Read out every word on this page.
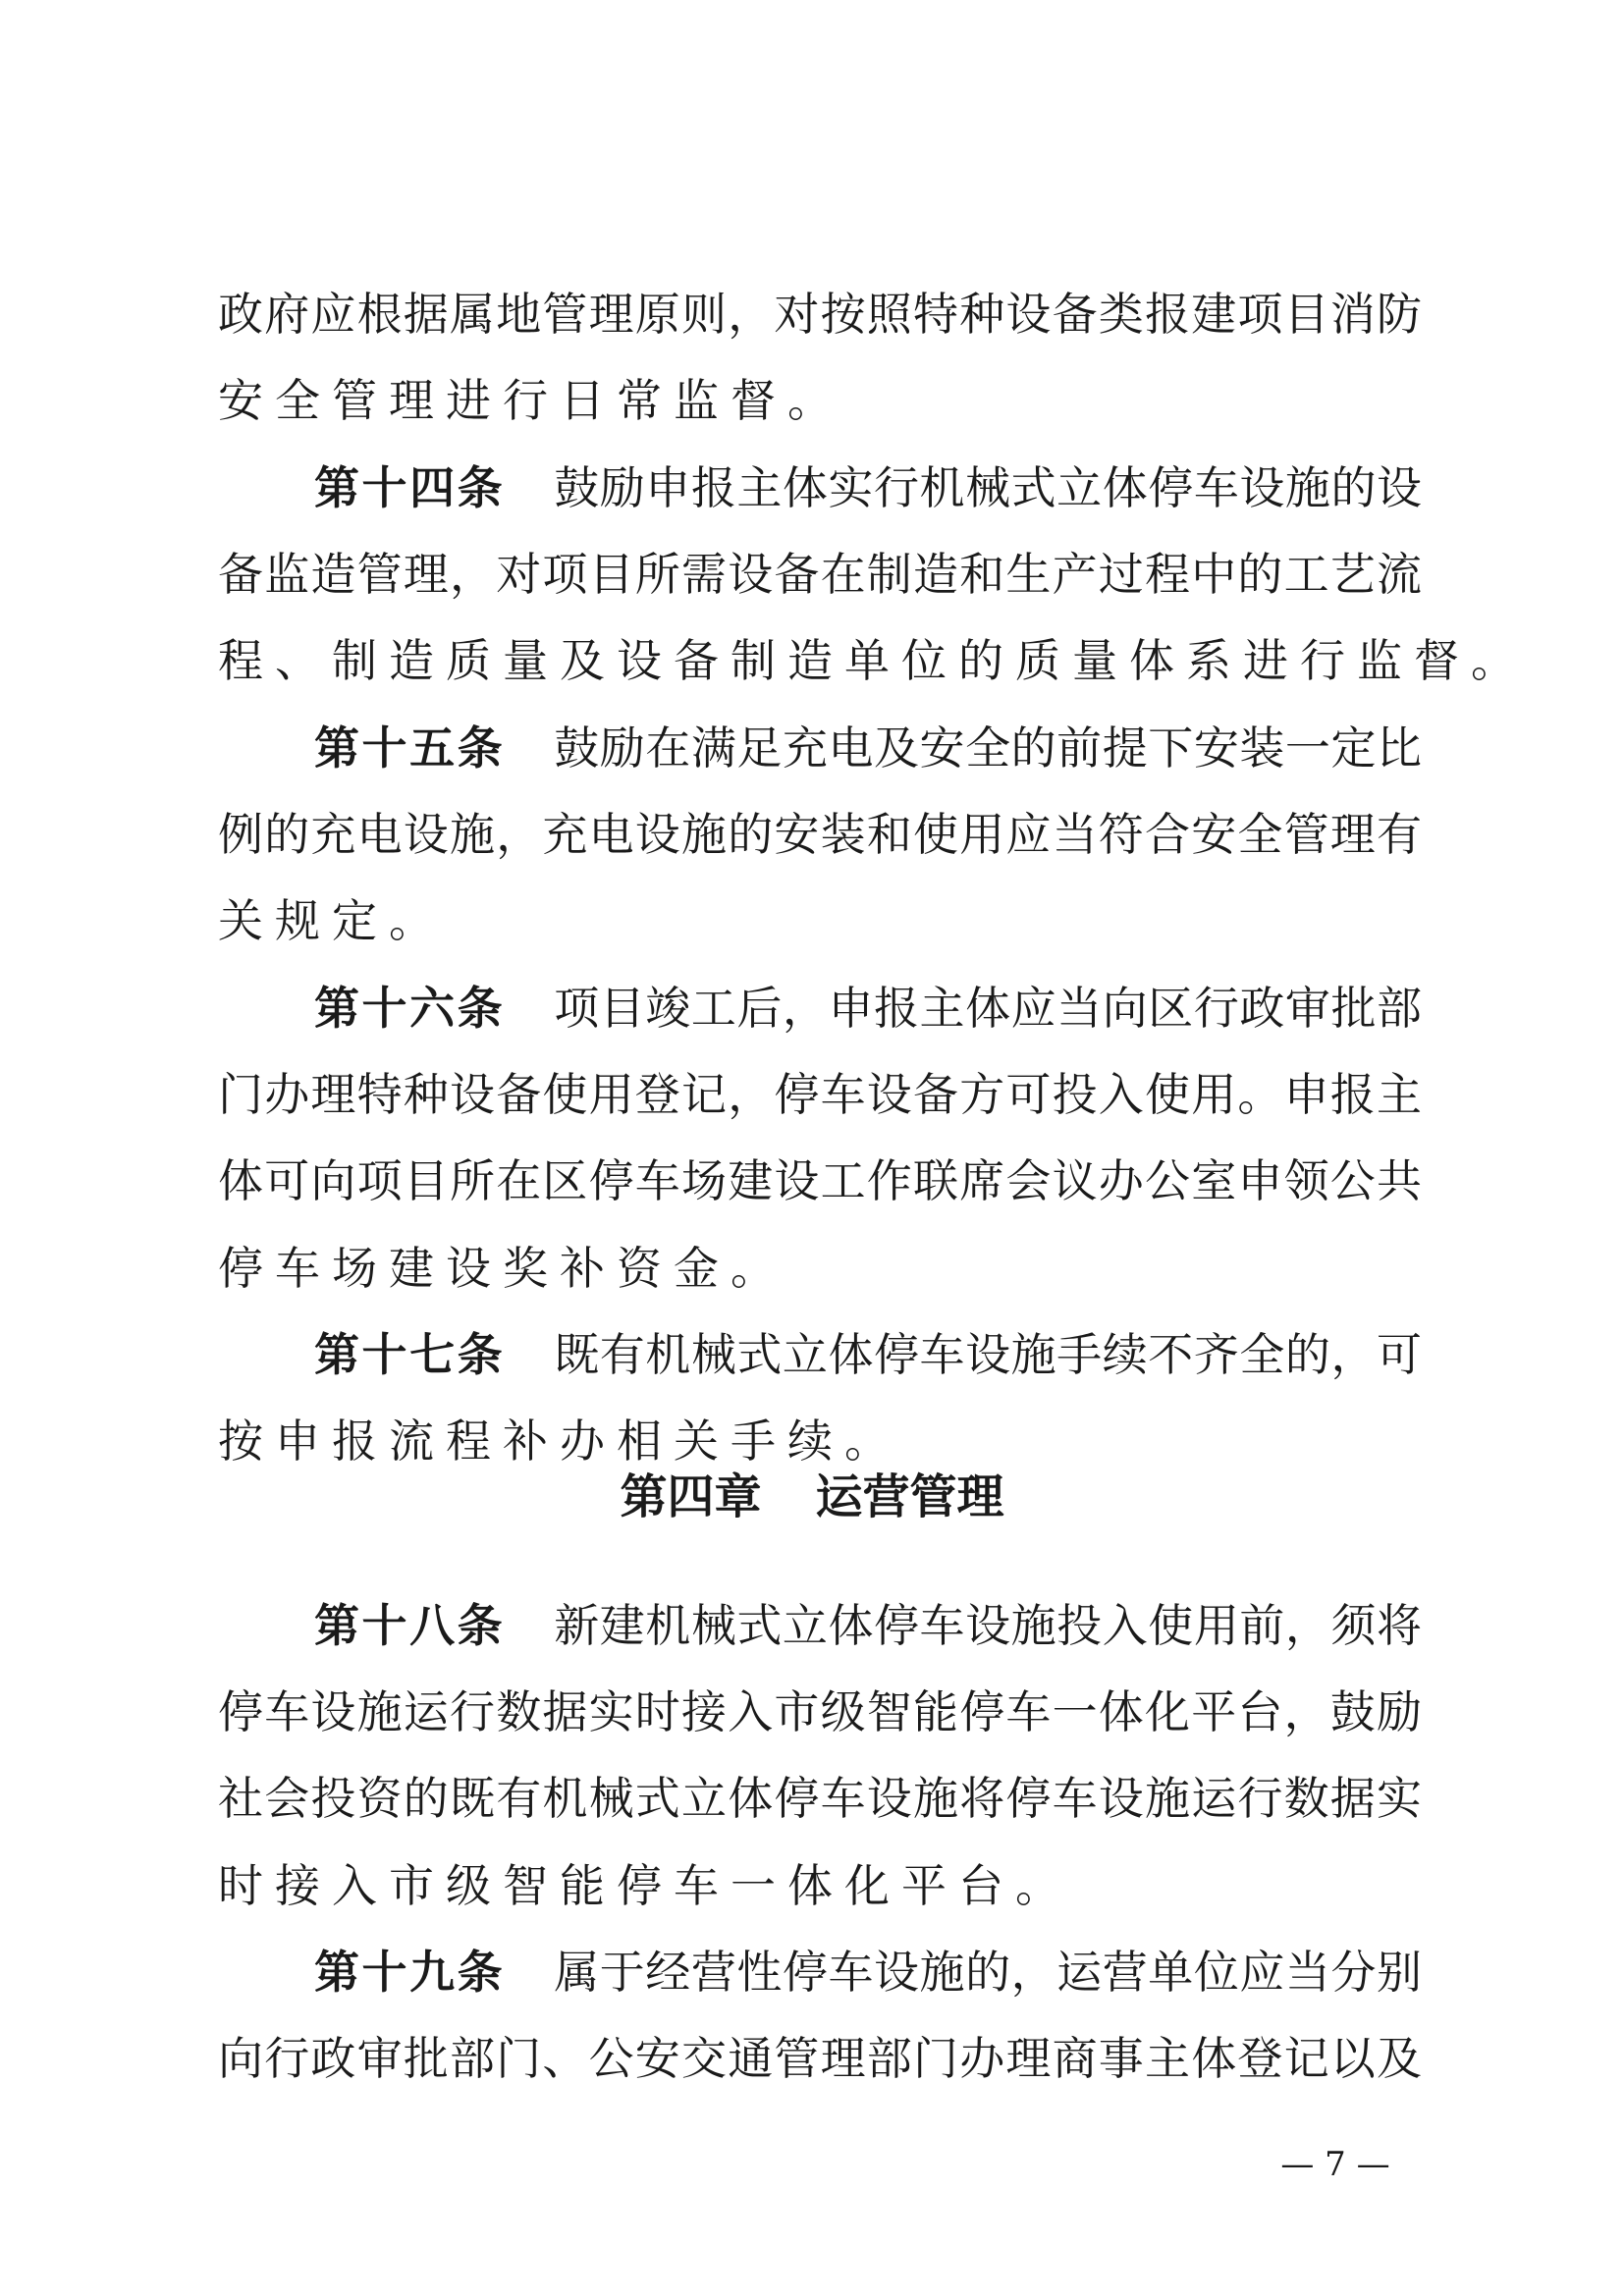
政府应根据属地管理原则，对按照特种设备类报建项目消防
安全管理进行日常监督。
第十四条 鼓励申报主体实行机械式立体停车设施的设
备监造管理，对项目所需设备在制造和生产过程中的工艺流
程、制造质量及设备制造单位的质量体系进行监督。
第十五条 鼓励在满足充电及安全的前提下安装一定比
例的充电设施，充电设施的安装和使用应当符合安全管理有
关规定。
第十六条 项目竣工后，申报主体应当向区行政审批部
门办理特种设备使用登记，停车设备方可投入使用。申报主
体可向项目所在区停车场建设工作联席会议办公室申领公共
停车场建设奖补资金。
第十七条 既有机械式立体停车设施手续不齐全的，可
第四章 运营管理
第十八条 新建机械式立体停车设施投入使用前，须将
停车设施运行数据实时接入市级智能停车一体化平台，鼓励
社会投资的既有机械式立体停车设施将停车设施运行数据实
时接入市级智能停车一体化平台。
第十九条 属于经营性停车设施的，运营单位应当分别
向行政审批部门、公安交通管理部门办理商事主体登记以及
— 7 —
按申报流程补办相关手续。
